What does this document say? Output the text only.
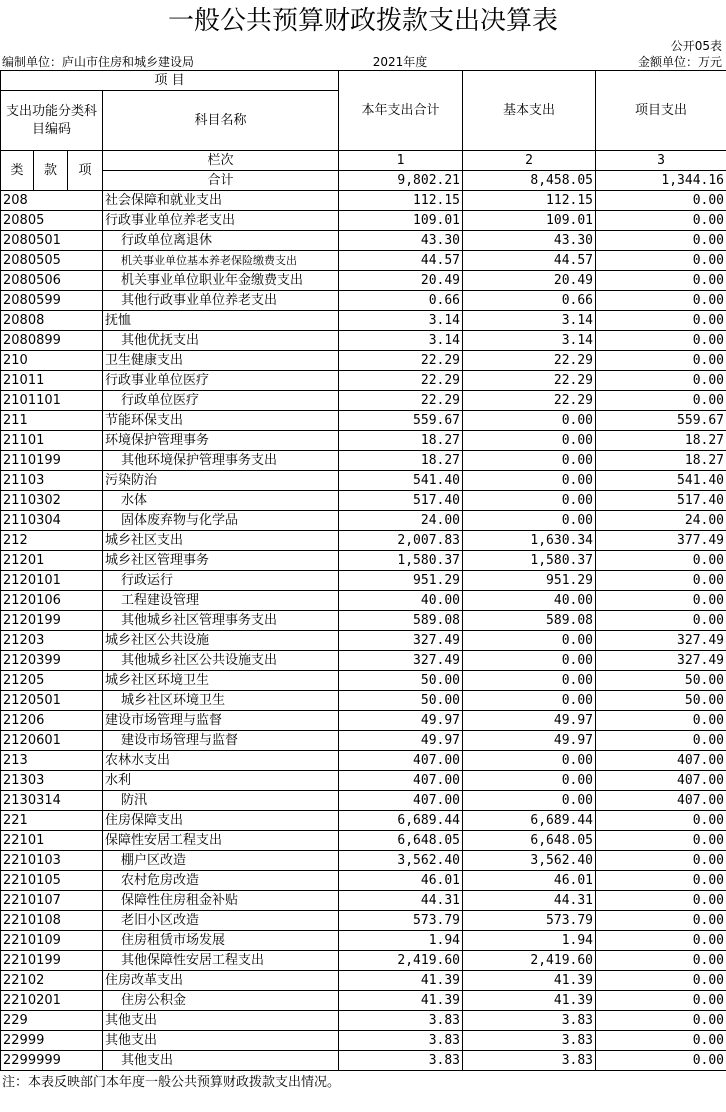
一般公共预算财政拨款支出决算表
公开05表
编制单位：庐山市住房和城乡建设局	2021年度	金额单位：万元
项 目				本年支出合计	基本支出	项目支出
支出功能分类科目编码			科目名称			

类	款	项	栏次	1	2	3
			合计	9,802.21	8,458.05	1,344.16
208			社会保障和就业支出	112.15	112.15	0.00
20805			行政事业单位养老支出	109.01	109.01	0.00
2080501			行政单位离退休	43.30	43.30	0.00
2080505			机关事业单位基本养老保险缴费支出	44.57	44.57	0.00
2080506			机关事业单位职业年金缴费支出	20.49	20.49	0.00
2080599			其他行政事业单位养老支出	0.66	0.66	0.00
20808			抚恤	3.14	3.14	0.00
2080899			其他优抚支出	3.14	3.14	0.00
210			卫生健康支出	22.29	22.29	0.00
21011			行政事业单位医疗	22.29	22.29	0.00
2101101			行政单位医疗	22.29	22.29	0.00
211			节能环保支出	559.67	0.00	559.67
21101			环境保护管理事务	18.27	0.00	18.27
2110199			其他环境保护管理事务支出	18.27	0.00	18.27
21103			污染防治	541.40	0.00	541.40
2110302			水体	517.40	0.00	517.40
2110304			固体废弃物与化学品	24.00	0.00	24.00
212			城乡社区支出	2,007.83	1,630.34	377.49
21201			城乡社区管理事务	1,580.37	1,580.37	0.00
2120101			行政运行	951.29	951.29	0.00
2120106			工程建设管理	40.00	40.00	0.00
2120199			其他城乡社区管理事务支出	589.08	589.08	0.00
21203			城乡社区公共设施	327.49	0.00	327.49
2120399			其他城乡社区公共设施支出	327.49	0.00	327.49
21205			城乡社区环境卫生	50.00	0.00	50.00
2120501			城乡社区环境卫生	50.00	0.00	50.00
21206			建设市场管理与监督	49.97	49.97	0.00
2120601			建设市场管理与监督	49.97	49.97	0.00
213			农林水支出	407.00	0.00	407.00
21303			水利	407.00	0.00	407.00
2130314			防汛	407.00	0.00	407.00
221			住房保障支出	6,689.44	6,689.44	0.00
22101			保障性安居工程支出	6,648.05	6,648.05	0.00
2210103			棚户区改造	3,562.40	3,562.40	0.00
2210105			农村危房改造	46.01	46.01	0.00
2210107			保障性住房租金补贴	44.31	44.31	0.00
2210108			老旧小区改造	573.79	573.79	0.00
2210109			住房租赁市场发展	1.94	1.94	0.00
2210199			其他保障性安居工程支出	2,419.60	2,419.60	0.00
22102			住房改革支出	41.39	41.39	0.00
2210201			住房公积金	41.39	41.39	0.00
229			其他支出	3.83	3.83	0.00
22999			其他支出	3.83	3.83	0.00
2299999			其他支出	3.83	3.83	0.00
注：本表反映部门本年度一般公共预算财政拨款支出情况。
